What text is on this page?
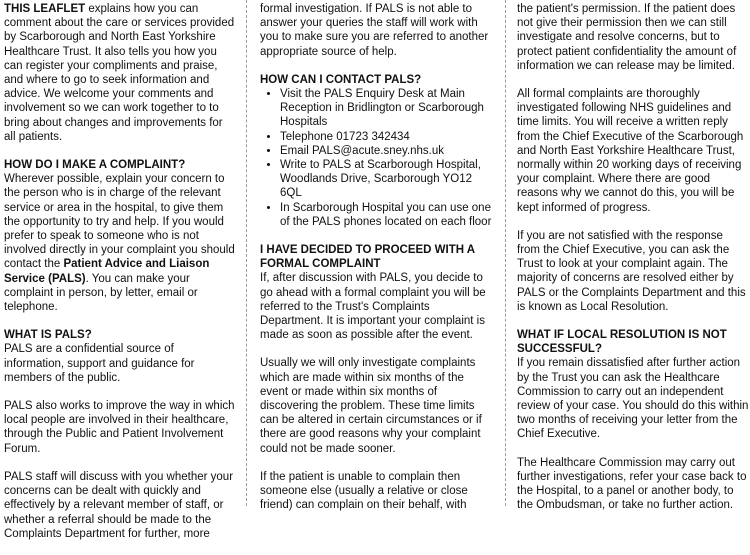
THIS LEAFLET explains how you can comment about the care or services provided by Scarborough and North East Yorkshire Healthcare Trust. It also tells you how you can register your compliments and praise, and where to go to seek information and advice. We welcome your comments and involvement so we can work together to to bring about changes and improvements for all patients.

HOW DO I MAKE A COMPLAINT?

Wherever possible, explain your concern to the person who is in charge of the relevant service or area in the hospital, to give them the opportunity to try and help. If you would prefer to speak to someone who is not involved directly in your complaint you should contact the Patient Advice and Liaison Service (PALS). You can make your complaint in person, by letter, email or telephone.

WHAT IS PALS?

PALS are a confidential source of information, support and guidance for members of the public.

PALS also works to improve the way in which local people are involved in their healthcare, through the Public and Patient Involvement Forum.

PALS staff will discuss with you whether your concerns can be dealt with quickly and effectively by a relevant member of staff, or whether a referral should be made to the Complaints Department for further, more

formal investigation. If PALS is not able to answer your queries the staff will work with you to make sure you are referred to another appropriate source of help.

HOW CAN I CONTACT PALS?
• Visit the PALS Enquiry Desk at Main Reception in Bridlington or Scarborough Hospitals
• Telephone 01723 342434
• Email PALS@acute.sney.nhs.uk
• Write to PALS at Scarborough Hospital, Woodlands Drive, Scarborough YO12 6QL
• In Scarborough Hospital you can use one of the PALS phones located on each floor
I HAVE DECIDED TO PROCEED WITH A FORMAL COMPLAINT

If, after discussion with PALS, you decide to go ahead with a formal complaint you will be referred to the Trust's Complaints Department. It is important your complaint is made as soon as possible after the event.

Usually we will only investigate complaints which are made within six months of the event or made within six months of discovering the problem. These time limits can be altered in certain circumstances or if there are good reasons why your complaint could not be made sooner.

If the patient is unable to complain then someone else (usually a relative or close friend) can complain on their behalf, with

the patient's permission. If the patient does not give their permission then we can still investigate and resolve concerns, but to protect patient confidentiality the amount of information we can release may be limited.

All formal complaints are thoroughly investigated following NHS guidelines and time limits. You will receive a written reply from the Chief Executive of the Scarborough and North East Yorkshire Healthcare Trust, normally within 20 working days of receiving your complaint. Where there are good reasons why we cannot do this, you will be kept informed of progress.

If you are not satisfied with the response from the Chief Executive, you can ask the Trust to look at your complaint again. The majority of concerns are resolved either by PALS or the Complaints Department and this is known as Local Resolution.

WHAT IF LOCAL RESOLUTION IS NOT SUCCESSFUL?

If you remain dissatisfied after further action by the Trust you can ask the Healthcare Commission to carry out an independent review of your case. You should do this within two months of receiving your letter from the Chief Executive.

The Healthcare Commission may carry out further investigations, refer your case back to the Hospital, to a panel or another body, to the Ombudsman, or take no further action.
